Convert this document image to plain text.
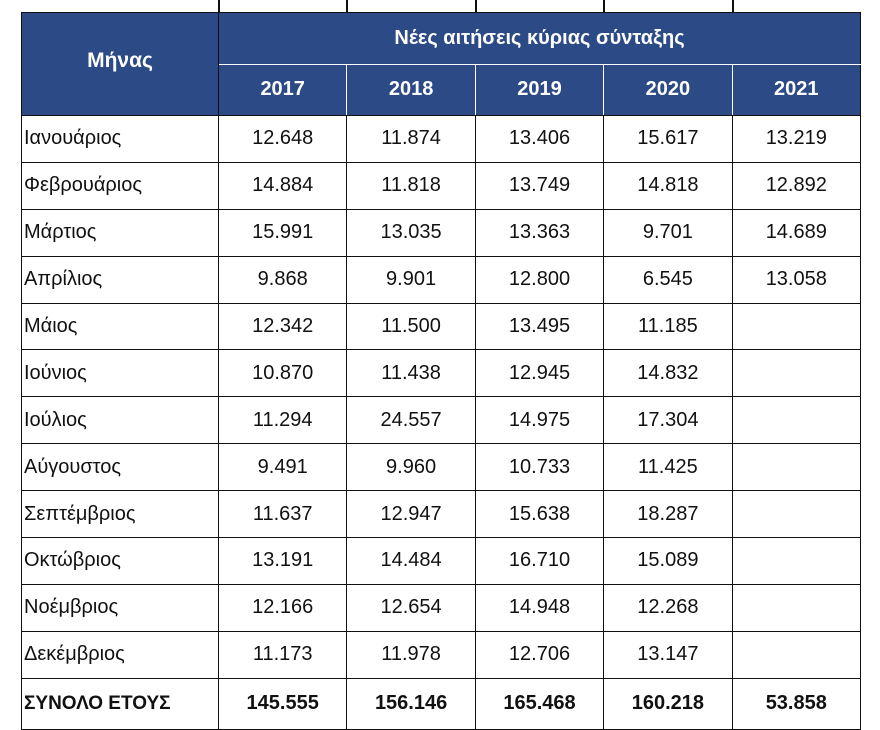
Μήνας	Νέες αιτήσεις κύριας σύνταξης				
	2017	2018	2019	2020	2021
Ιανουάριος	12.648	11.874	13.406	15.617	13.219
Φεβρουάριος	14.884	11.818	13.749	14.818	12.892
Μάρτιος	15.991	13.035	13.363	9.701	14.689
Απρίλιος	9.868	9.901	12.800	6.545	13.058
Μάιος	12.342	11.500	13.495	11.185	
Ιούνιος	10.870	11.438	12.945	14.832	
Ιούλιος	11.294	24.557	14.975	17.304	
Αύγουστος	9.491	9.960	10.733	11.425	
Σεπτέμβριος	11.637	12.947	15.638	18.287	
Οκτώβριος	13.191	14.484	16.710	15.089	
Νοέμβριος	12.166	12.654	14.948	12.268	
Δεκέμβριος	11.173	11.978	12.706	13.147	
ΣΥΝΟΛΟ ΕΤΟΥΣ	145.555	156.146	165.468	160.218	53.858
